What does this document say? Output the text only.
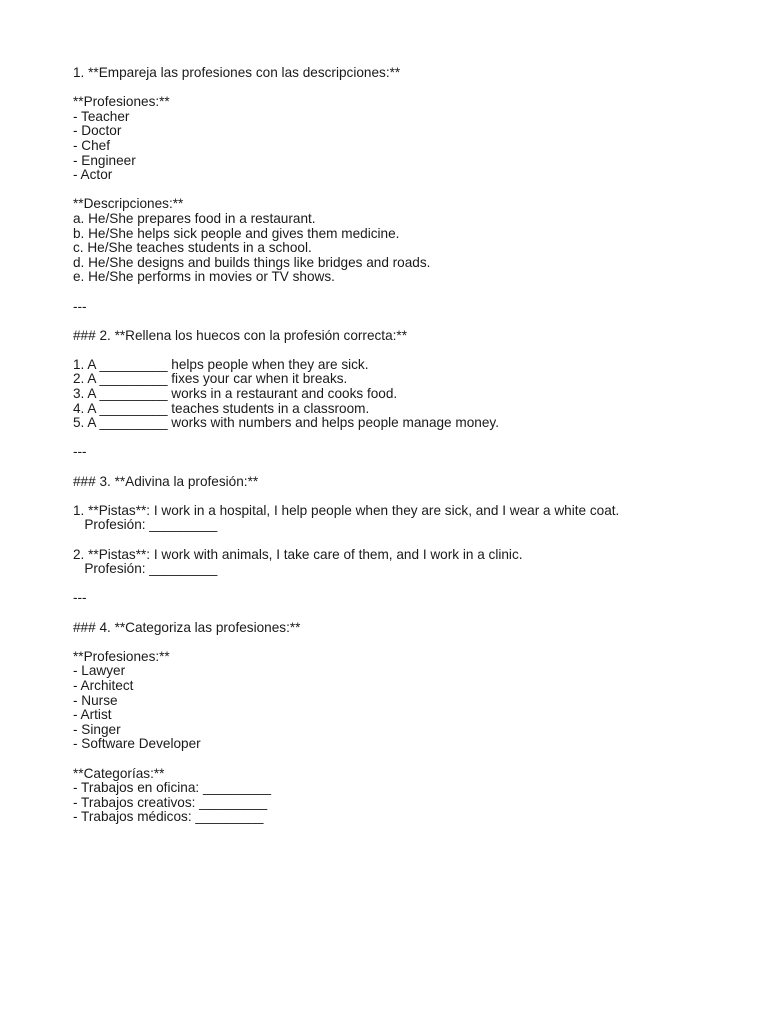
1. **Empareja las profesiones con las descripciones:**
**Profesiones:**
- Teacher
- Doctor
- Chef
- Engineer
- Actor
**Descripciones:**
a. He/She prepares food in a restaurant.
b. He/She helps sick people and gives them medicine.
c. He/She teaches students in a school.
d. He/She designs and builds things like bridges and roads.
e. He/She performs in movies or TV shows.
---
### 2. **Rellena los huecos con la profesión correcta:**
1. A _________ helps people when they are sick.
2. A _________ fixes your car when it breaks.
3. A _________ works in a restaurant and cooks food.
4. A _________ teaches students in a classroom.
5. A _________ works with numbers and helps people manage money.
---
### 3. **Adivina la profesión:**
1. **Pistas**: I work in a hospital, I help people when they are sick, and I wear a white coat.
Profesión: _________
2. **Pistas**: I work with animals, I take care of them, and I work in a clinic.
Profesión: _________
---
### 4. **Categoriza las profesiones:**
**Profesiones:**
- Lawyer
- Architect
- Nurse
- Artist
- Singer
- Software Developer
**Categorías:**
- Trabajos en oficina: _________
- Trabajos creativos: _________
- Trabajos médicos: _________
